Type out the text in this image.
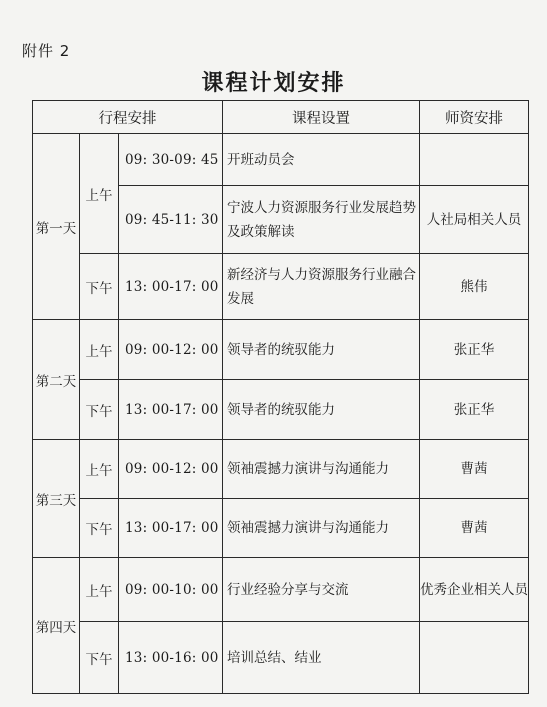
附件 2
课程计划安排
行程安排			课程设置	师资安排
第一天	上午	09: 30-09: 45	开班动员会	
		09: 45-11: 30	宁波人力资源服务行业发展趋势及政策解读	人社局相关人员
	下午	13: 00-17: 00	新经济与人力资源服务行业融合发展	熊伟
第二天	上午	09: 00-12: 00	领导者的统驭能力	张正华
	下午	13: 00-17: 00	领导者的统驭能力	张正华
第三天	上午	09: 00-12: 00	领袖震撼力演讲与沟通能力	曹茜
	下午	13: 00-17: 00	领袖震撼力演讲与沟通能力	曹茜
第四天	上午	09: 00-10: 00	行业经验分享与交流	优秀企业相关人员
	下午	13: 00-16: 00	培训总结、结业	
